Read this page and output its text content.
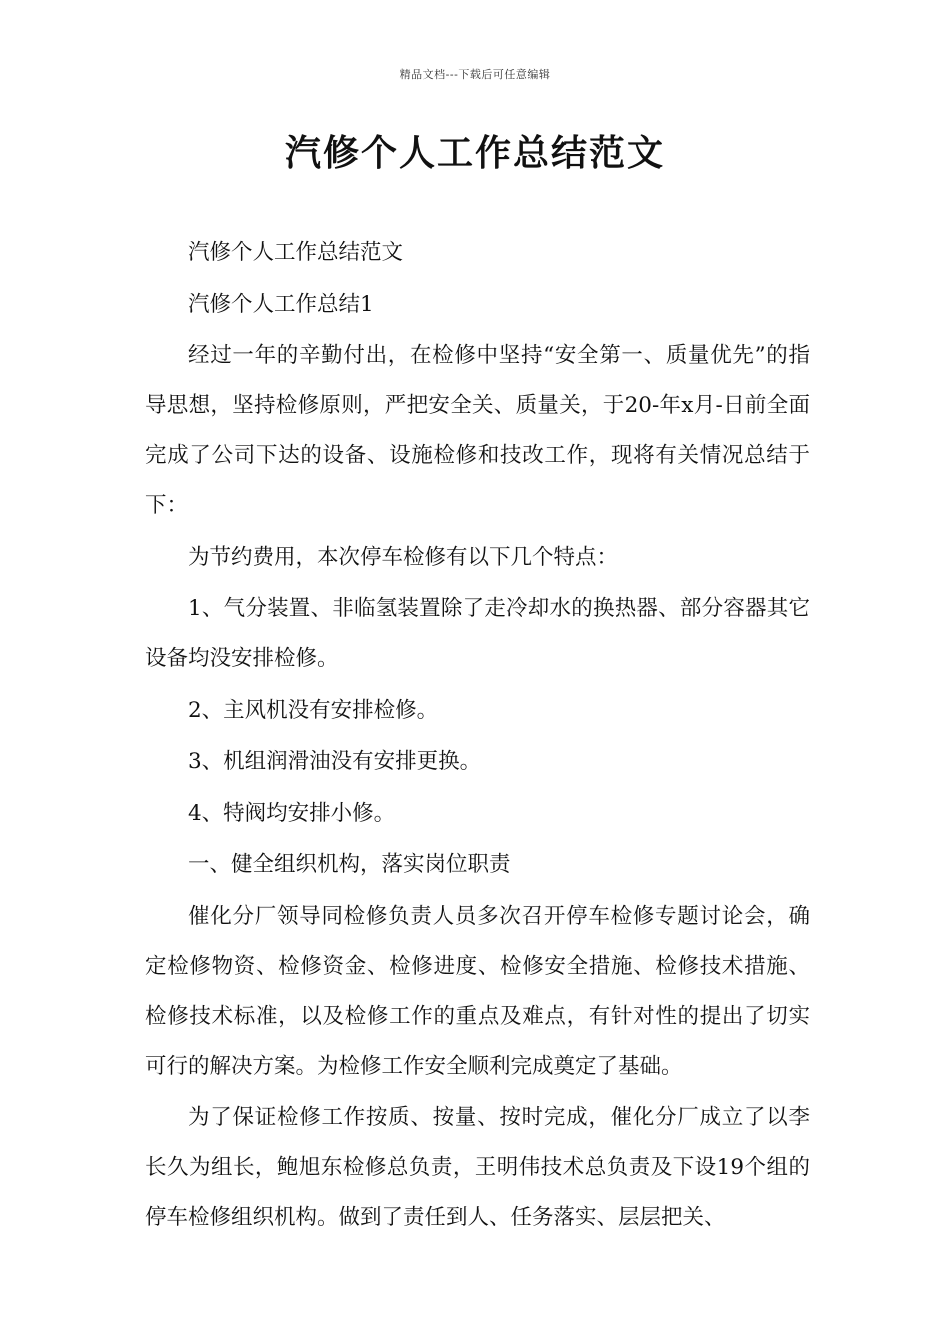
精品文档---下载后可任意编辑
汽修个人工作总结范文

汽修个人工作总结范文

汽修个人工作总结1

经过一年的辛勤付出，在检修中坚持“安全第一、质量优先”的指导思想，坚持检修原则，严把安全关、质量关，于20-年x月-日前全面完成了公司下达的设备、设施检修和技改工作，现将有关情况总结于下：

为节约费用，本次停车检修有以下几个特点：

1、气分装置、非临氢装置除了走冷却水的换热器、部分容器其它设备均没安排检修。

2、主风机没有安排检修。

3、机组润滑油没有安排更换。

4、特阀均安排小修。

一、健全组织机构，落实岗位职责

催化分厂领导同检修负责人员多次召开停车检修专题讨论会，确定检修物资、检修资金、检修进度、检修安全措施、检修技术措施、检修技术标准，以及检修工作的重点及难点，有针对性的提出了切实可行的解决方案。为检修工作安全顺利完成奠定了基础。

为了保证检修工作按质、按量、按时完成，催化分厂成立了以李长久为组长，鲍旭东检修总负责，王明伟技术总负责及下设19个组的停车检修组织机构。做到了责任到人、任务落实、层层把关、
